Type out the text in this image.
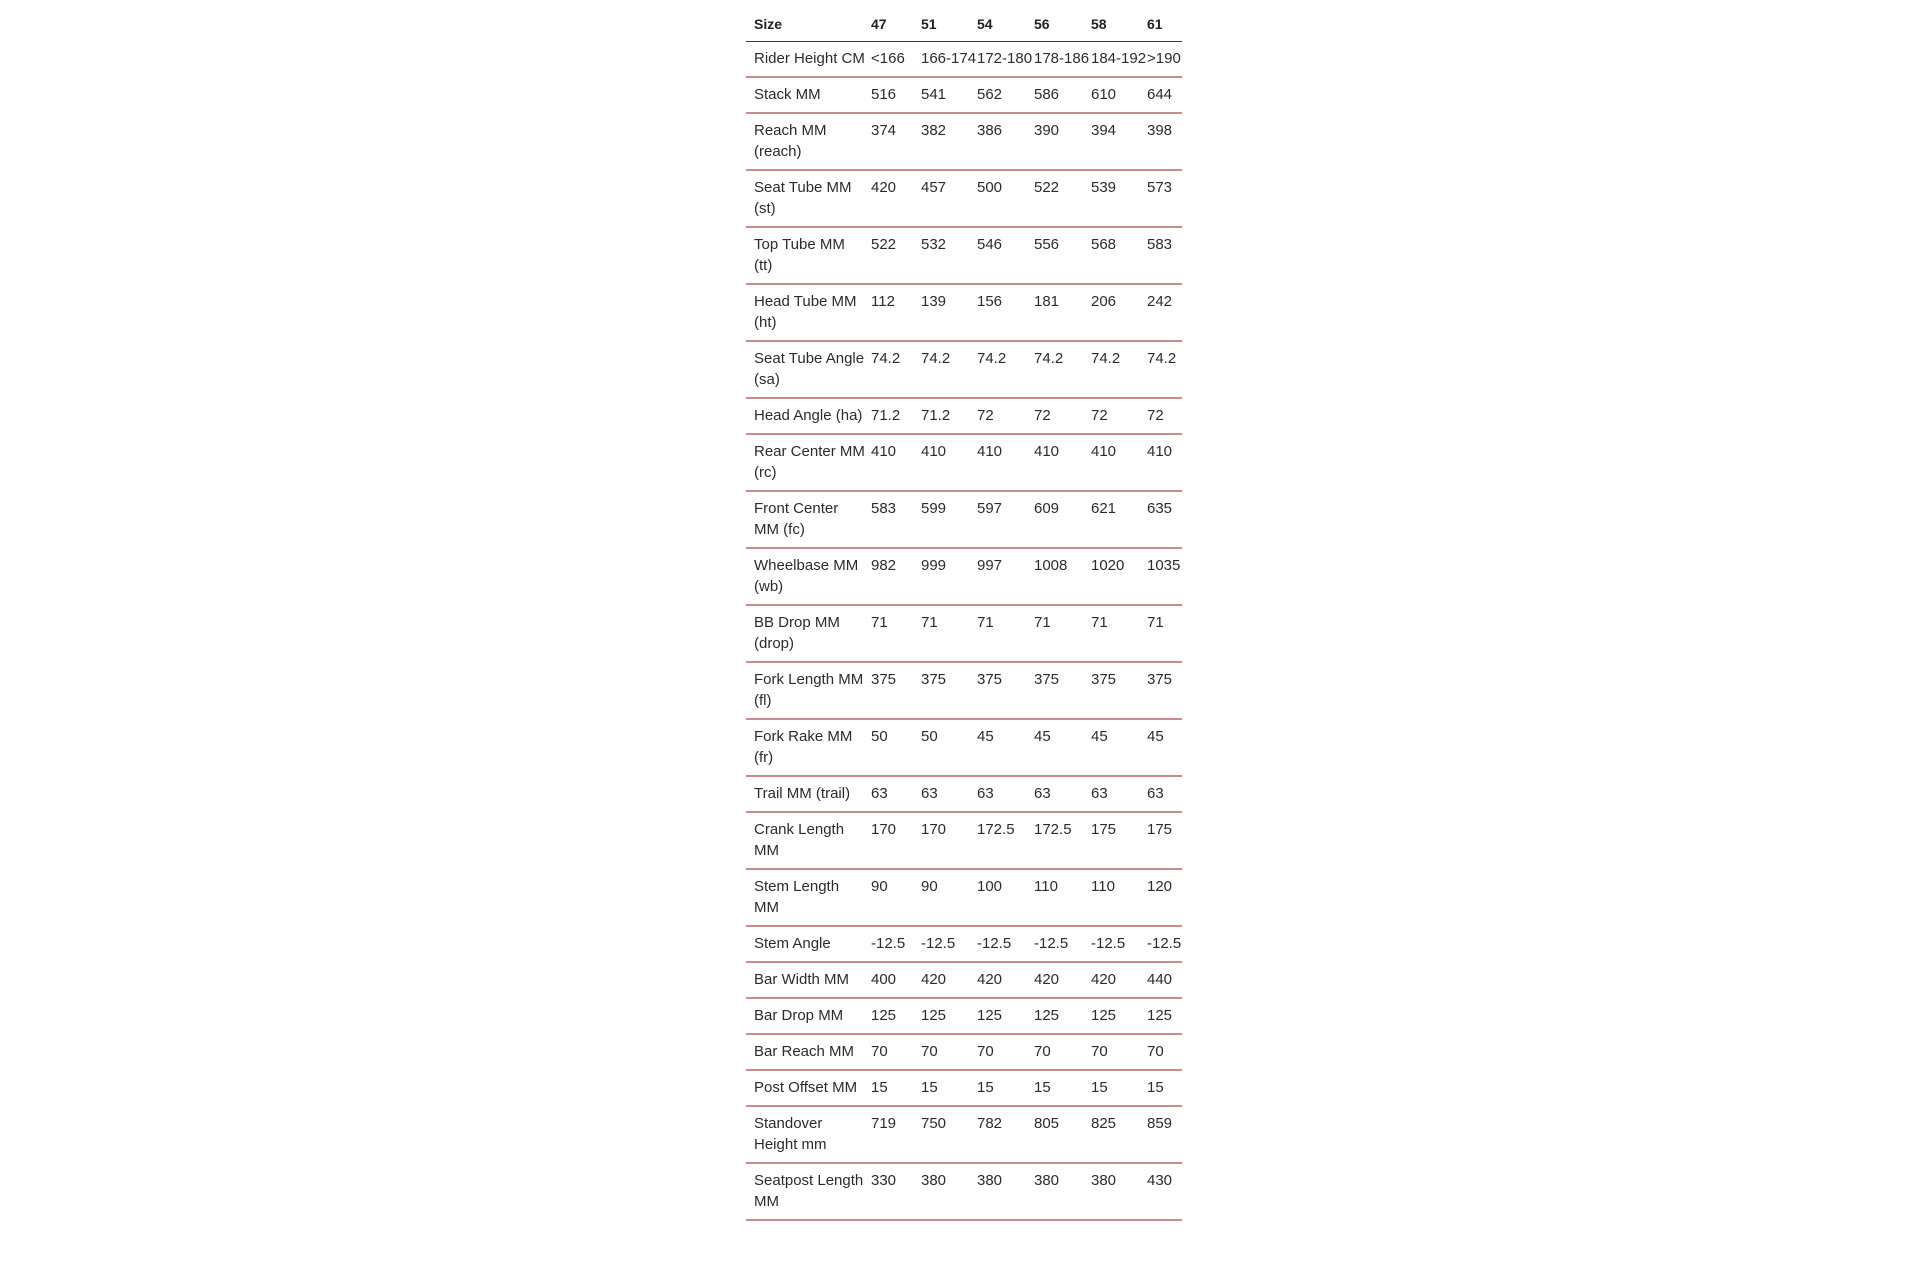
Size	47	51	54	56	58	61
Rider Height CM	<166	166-174	172-180	178-186	184-192	>190
Stack MM	516	541	562	586	610	644
Reach MM (reach)	374	382	386	390	394	398
Seat Tube MM (st)	420	457	500	522	539	573
Top Tube MM (tt)	522	532	546	556	568	583
Head Tube MM (ht)	112	139	156	181	206	242
Seat Tube Angle (sa)	74.2	74.2	74.2	74.2	74.2	74.2
Head Angle (ha)	71.2	71.2	72	72	72	72
Rear Center MM (rc)	410	410	410	410	410	410
Front Center MM (fc)	583	599	597	609	621	635
Wheelbase MM (wb)	982	999	997	1008	1020	1035
BB Drop MM (drop)	71	71	71	71	71	71
Fork Length MM (fl)	375	375	375	375	375	375
Fork Rake MM (fr)	50	50	45	45	45	45
Trail MM (trail)	63	63	63	63	63	63
Crank Length MM	170	170	172.5	172.5	175	175
Stem Length MM	90	90	100	110	110	120
Stem Angle	-12.5	-12.5	-12.5	-12.5	-12.5	-12.5
Bar Width MM	400	420	420	420	420	440
Bar Drop MM	125	125	125	125	125	125
Bar Reach MM	70	70	70	70	70	70
Post Offset MM	15	15	15	15	15	15
Standover Height mm	719	750	782	805	825	859
Seatpost Length MM	330	380	380	380	380	430
